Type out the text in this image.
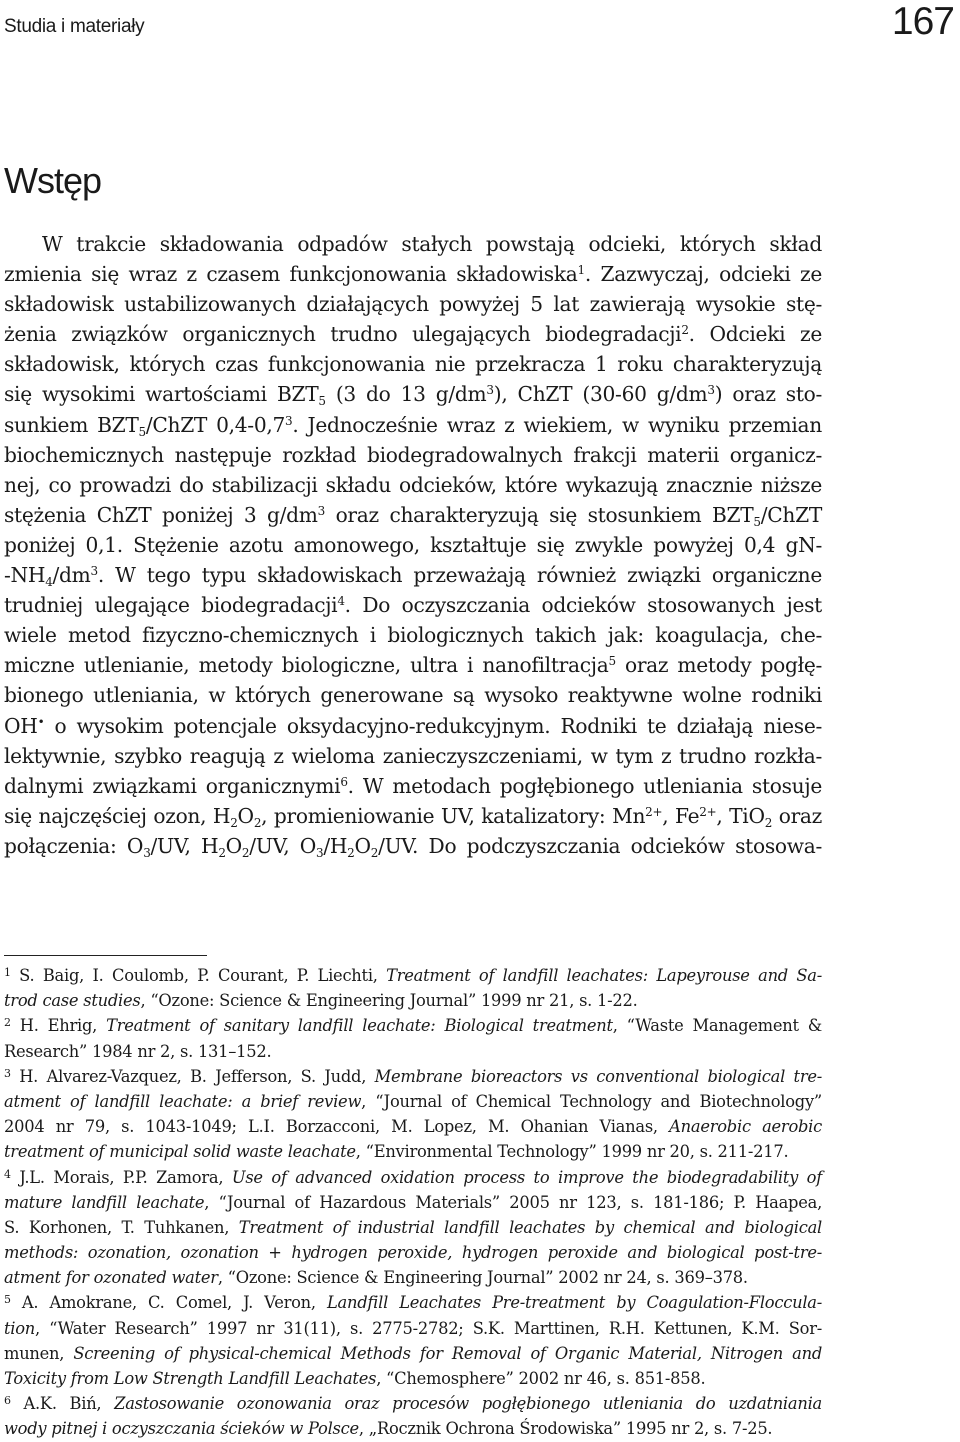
Studia i materiały	167
Wstęp
W trakcie składowania odpadów stałych powstają odcieki, których skład
zmienia się wraz z czasem funkcjonowania składowiska$^1$. Zazwyczaj, odcieki ze
składowisk ustabilizowanych działających powyżej 5 lat zawierają wysokie stę-
żenia związków organicznych trudno ulegających biodegradacji$^2$. Odcieki ze
składowisk, których czas funkcjonowania nie przekracza 1 roku charakteryzują
się wysokimi wartościami $BZT_5$ (3 do 13 $g/dm^3$), ChZT (30-60 $g/dm^3$) oraz sto-
sunkiem $BZT_5$/ChZT $0,4-0,7^3$. Jednocześnie wraz z wiekiem, w wyniku przemian
biochemicznych następuje rozkład biodegradowalnych frakcji materii organicz-
nej, co prowadzi do stabilizacji składu odcieków, które wykazują znacznie niższe
stężenia ChZT poniżej 3 $g/dm^3$ oraz charakteryzują się stosunkiem $BZT_5$/ChZT
poniżej 0,1. Stężenie azotu amonowego, kształtuje się zwykle powyżej 0,4 gN-
$-NH_4/dm^3$. W tego typu składowiskach przeważają również związki organiczne
trudniej ulegające biodegradacji$^4$. Do oczyszczania odcieków stosowanych jest
wiele metod fizyczno-chemicznych i biologicznych takich jak: koagulacja, che-
miczne utlenianie, metody biologiczne, ultra i nanofiltracja$^5$ oraz metody pogłę-
bionego utleniania, w których generowane są wysoko reaktywne wolne rodniki
OH• o wysokim potencjale oksydacyjno-redukcyjnym. Rodniki te działają niese-
lektywnie, szybko reagują z wieloma zanieczyszczeniami, w tym z trudno rozkła-
dalnymi związkami organicznymi$^6$. W metodach pogłębionego utleniania stosuje
się najczęściej ozon, $H_2O_2$, promieniowanie UV, katalizatory: $Mn^{2+}$, $Fe^{2+}$, TiO$_2$ oraz
połączenia: $O_3/UV$, $H_2O_2/UV$, $O_3/H_2O_2/UV$. Do podczyszczania odcieków stosowa-
$^1$ S. Baig, I. Coulomb, P. Courant, P. Liechti, Treatment of landfill leachates: Lapeyrouse and Sa-
trod case studies, “Ozone: Science & Engineering Journal” 1999 nr 21, s. 1-22.
$^2$ H. Ehrig, Treatment of sanitary landfill leachate: Biological treatment, “Waste Management &
Research” 1984 nr 2, s. 131–152.
$^3$ H. Alvarez-Vazquez, B. Jefferson, S. Judd, Membrane bioreactors vs conventional biological tre-
atment of landfill leachate: a brief review, “Journal of Chemical Technology and Biotechnology”
2004 nr 79, s. 1043-1049; L.I. Borzacconi, M. Lopez, M. Ohanian Vianas, Anaerobic aerobic
treatment of municipal solid waste leachate, “Environmental Technology” 1999 nr 20, s. 211-217.
$^4$ J.L. Morais, P.P. Zamora, Use of advanced oxidation process to improve the biodegradability of
mature landfill leachate, “Journal of Hazardous Materials” 2005 nr 123, s. 181-186; P. Haapea,
S. Korhonen, T. Tuhkanen, Treatment of industrial landfill leachates by chemical and biological
methods: ozonation, ozonation + hydrogen peroxide, hydrogen peroxide and biological post-tre-
atment for ozonated water, “Ozone: Science & Engineering Journal” 2002 nr 24, s. 369–378.
$^5$ A. Amokrane, C. Comel, J. Veron, Landfill Leachates Pre-treatment by Coagulation-Floccula-
tion, “Water Research” 1997 nr 31(11), s. 2775-2782; S.K. Marttinen, R.H. Kettunen, K.M. Sor-
munen, Screening of physical-chemical Methods for Removal of Organic Material, Nitrogen and
Toxicity from Low Strength Landfill Leachates, “Chemosphere” 2002 nr 46, s. 851-858.
$^6$ A.K. Biń, Zastosowanie ozonowania oraz procesów pogłębionego utleniania do uzdatniania
wody pitnej i oczyszczania ścieków w Polsce, „Rocznik Ochrona Środowiska” 1995 nr 2, s. 7-25.
